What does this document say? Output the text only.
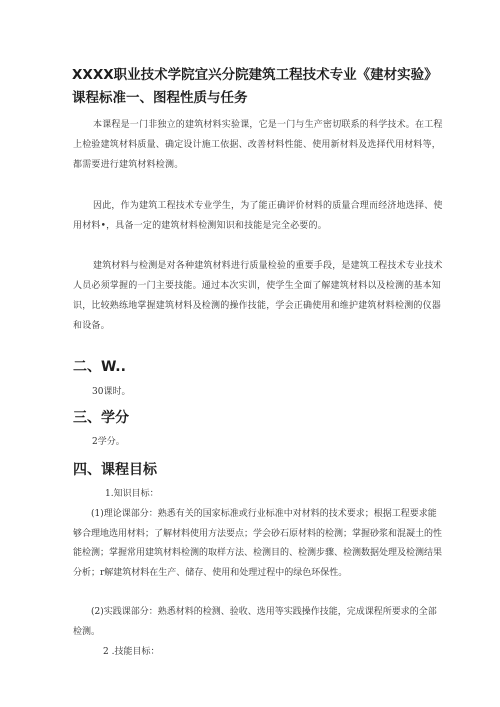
XXXX职业技术学院宜兴分院建筑工程技术专业《建材实验》课程标准一、图程性质与任务
本课程是一门非独立的建筑材料实验课，它是一门与生产密切联系的科学技术。在工程上检验建筑材料质量、确定设计施工依据、改善材料性能、使用新材料及选择代用材料等，都需要进行建筑材料检测。
因此，作为建筑工程技术专业学生，为了能正确评价材料的质量合理而经济地选择、使用材料•，具备一定的建筑材料检测知识和技能是完全必要的。
建筑材料与检测是对各种建筑材料进行质量检验的重要手段，是建筑工程技术专业技术人员必须掌握的一门主要技能。通过本次实训，使学生全面了解建筑材料以及检测的基本知识，比较熟练地掌握建筑材料及检测的操作技能，学会正确使用和维护建筑材料检测的仪器和设备。
二、W..
30课时。
三、学分
2学分。
四、课程目标
1.知识目标：
(1)理论课部分：熟悉有关的国家标准或行业标准中对材料的技术要求；根据工程要求能够合理地选用材料；了解材料使用方法要点；学会砂石原材料的检测；掌握砂浆和混凝土的性能检测；掌握常用建筑材料检测的取样方法、检测目的、检测步骤、检测数据处理及检测结果分析；r解建筑材料在生产、储存、使用和处理过程中的绿色环保性。
(2)实践课部分：熟悉材料的检测、验收、选用等实践操作技能，完成课程所要求的全部检测。
2 .技能目标：
